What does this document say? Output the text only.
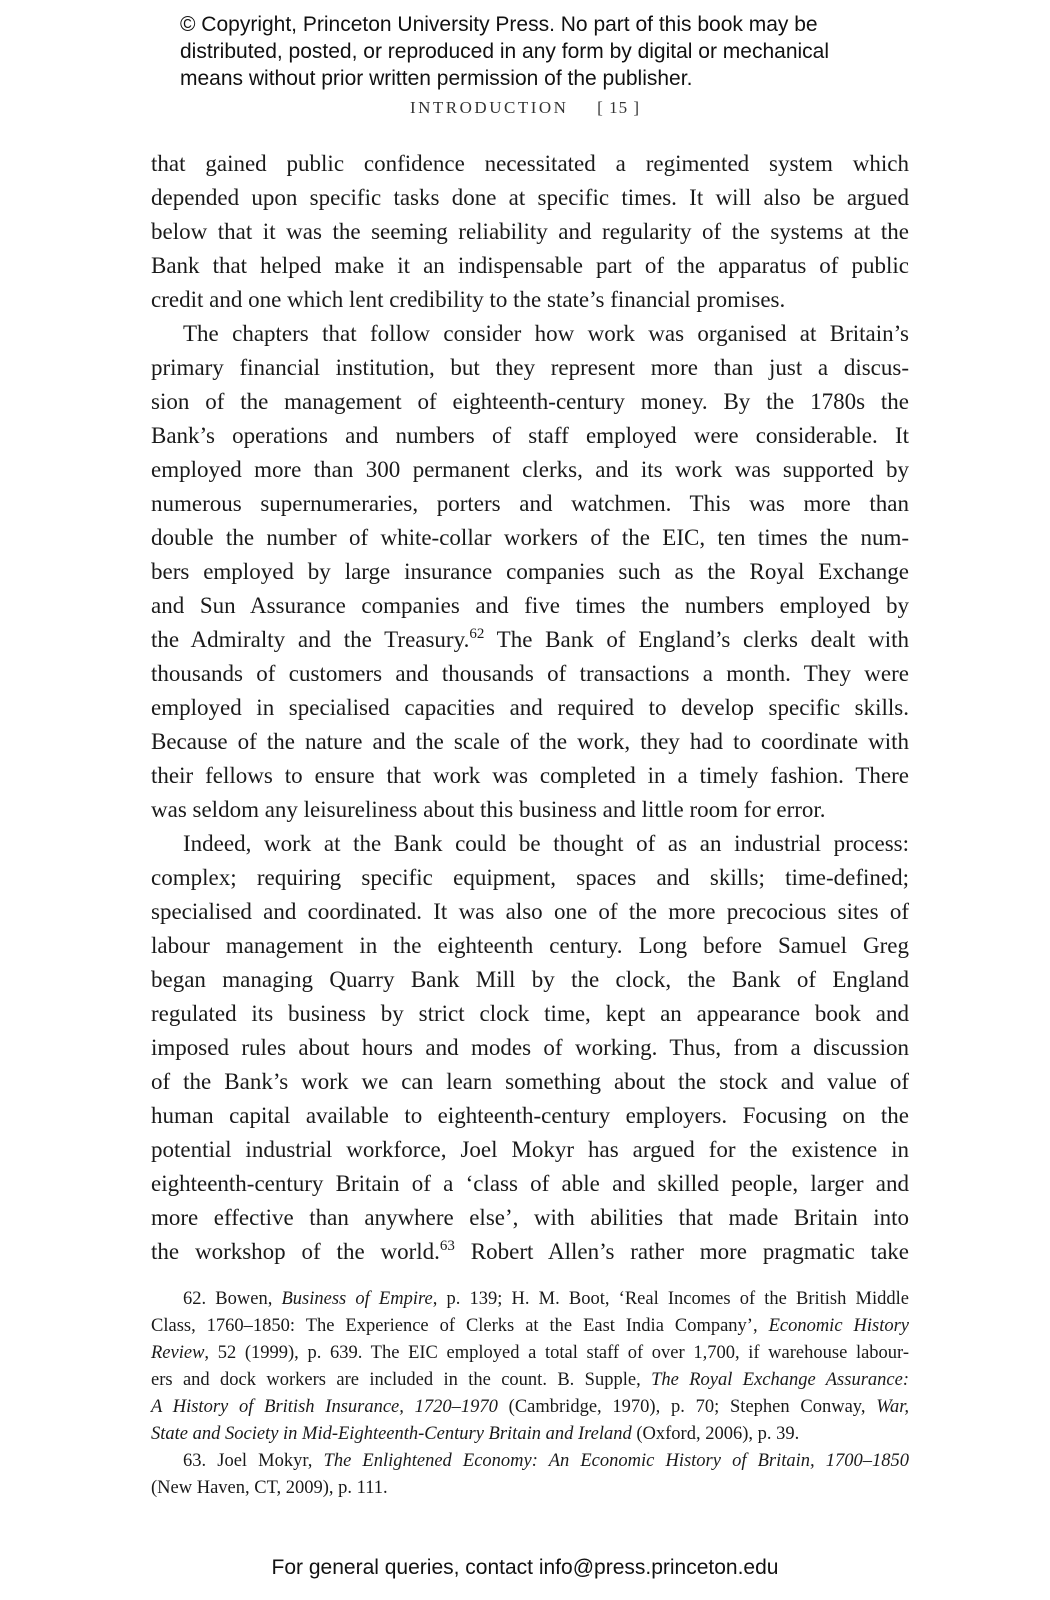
© Copyright, Princeton University Press. No part of this book may be
distributed, posted, or reproduced in any form by digital or mechanical
means without prior written permission of the publisher.
INTRODUCTION [ 15 ]
that gained public confidence necessitated a regimented system which
depended upon specific tasks done at specific times. It will also be argued
below that it was the seeming reliability and regularity of the systems at the
Bank that helped make it an indispensable part of the apparatus of public
credit and one which lent credibility to the state’s financial promises.
The chapters that follow consider how work was organised at Britain’s
primary financial institution, but they represent more than just a discus-
sion of the management of eighteenth-century money. By the 1780s the
Bank’s operations and numbers of staff employed were considerable. It
employed more than 300 permanent clerks, and its work was supported by
numerous supernumeraries, porters and watchmen. This was more than
double the number of white-collar workers of the EIC, ten times the num-
bers employed by large insurance companies such as the Royal Exchange
and Sun Assurance companies and five times the numbers employed by
the Admiralty and the Treasury.$^{62}$ The Bank of England’s clerks dealt with
thousands of customers and thousands of transactions a month. They were
employed in specialised capacities and required to develop specific skills.
Because of the nature and the scale of the work, they had to coordinate with
their fellows to ensure that work was completed in a timely fashion. There
was seldom any leisureliness about this business and little room for error.
Indeed, work at the Bank could be thought of as an industrial process:
complex; requiring specific equipment, spaces and skills; time-defined;
specialised and coordinated. It was also one of the more precocious sites of
labour management in the eighteenth century. Long before Samuel Greg
began managing Quarry Bank Mill by the clock, the Bank of England
regulated its business by strict clock time, kept an appearance book and
imposed rules about hours and modes of working. Thus, from a discussion
of the Bank’s work we can learn something about the stock and value of
human capital available to eighteenth-century employers. Focusing on the
potential industrial workforce, Joel Mokyr has argued for the existence in
eighteenth-century Britain of a ‘class of able and skilled people, larger and
more effective than anywhere else’, with abilities that made Britain into
the workshop of the world.$^{63}$ Robert Allen’s rather more pragmatic take
62. Bowen, Business of Empire, p. 139; H. M. Boot, ‘Real Incomes of the British Middle
Class, 1760–1850: The Experience of Clerks at the East India Company’, Economic History
Review, 52 (1999), p. 639. The EIC employed a total staff of over 1,700, if warehouse labour-
ers and dock workers are included in the count. B. Supple, The Royal Exchange Assurance:
A History of British Insurance, 1720–1970 (Cambridge, 1970), p. 70; Stephen Conway, War,
State and Society in Mid-Eighteenth-Century Britain and Ireland (Oxford, 2006), p. 39.
63. Joel Mokyr, The Enlightened Economy: An Economic History of Britain, 1700–1850
(New Haven, CT, 2009), p. 111.
For general queries, contact info@press.princeton.edu
